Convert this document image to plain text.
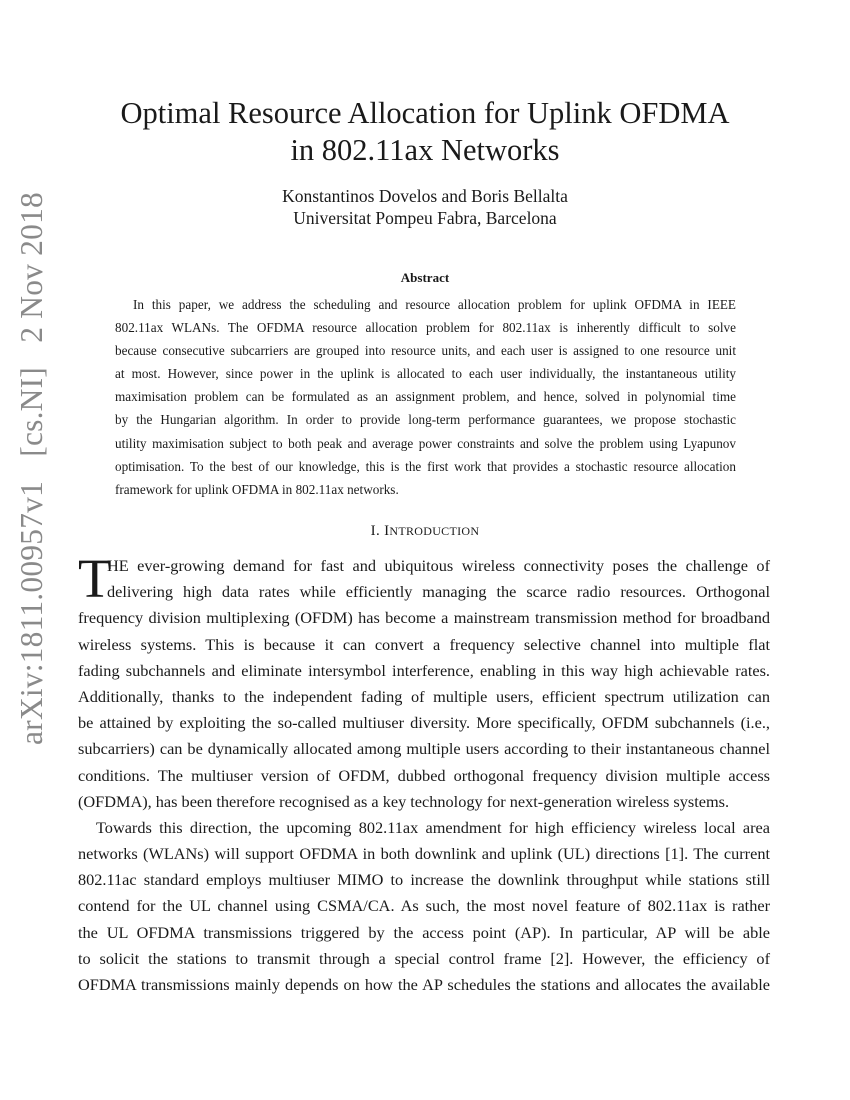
arXiv:1811.00957v1   [cs.NI]   2 Nov 2018
Optimal Resource Allocation for Uplink OFDMA
in 802.11ax Networks
Konstantinos Dovelos and Boris Bellalta
Universitat Pompeu Fabra, Barcelona
Abstract
In this paper, we address the scheduling and resource allocation problem for uplink OFDMA in IEEE
802.11ax WLANs. The OFDMA resource allocation problem for 802.11ax is inherently difficult to solve
because consecutive subcarriers are grouped into resource units, and each user is assigned to one resource unit
at most. However, since power in the uplink is allocated to each user individually, the instantaneous utility
maximisation problem can be formulated as an assignment problem, and hence, solved in polynomial time
by the Hungarian algorithm. In order to provide long-term performance guarantees, we propose stochastic
utility maximisation subject to both peak and average power constraints and solve the problem using Lyapunov
optimisation. To the best of our knowledge, this is the first work that provides a stochastic resource allocation
framework for uplink OFDMA in 802.11ax networks.
I. INTRODUCTION
T
HE ever-growing demand for fast and ubiquitous wireless connectivity poses the challenge of
delivering high data rates while efficiently managing the scarce radio resources. Orthogonal
frequency division multiplexing (OFDM) has become a mainstream transmission method for broadband
wireless systems. This is because it can convert a frequency selective channel into multiple flat
fading subchannels and eliminate intersymbol interference, enabling in this way high achievable rates.
Additionally, thanks to the independent fading of multiple users, efficient spectrum utilization can
be attained by exploiting the so-called multiuser diversity. More specifically, OFDM subchannels (i.e.,
subcarriers) can be dynamically allocated among multiple users according to their instantaneous channel
conditions. The multiuser version of OFDM, dubbed orthogonal frequency division multiple access
(OFDMA), has been therefore recognised as a key technology for next-generation wireless systems.
Towards this direction, the upcoming 802.11ax amendment for high efficiency wireless local area
networks (WLANs) will support OFDMA in both downlink and uplink (UL) directions [1]. The current
802.11ac standard employs multiuser MIMO to increase the downlink throughput while stations still
contend for the UL channel using CSMA/CA. As such, the most novel feature of 802.11ax is rather
the UL OFDMA transmissions triggered by the access point (AP). In particular, AP will be able
to solicit the stations to transmit through a special control frame [2]. However, the efficiency of
OFDMA transmissions mainly depends on how the AP schedules the stations and allocates the available
